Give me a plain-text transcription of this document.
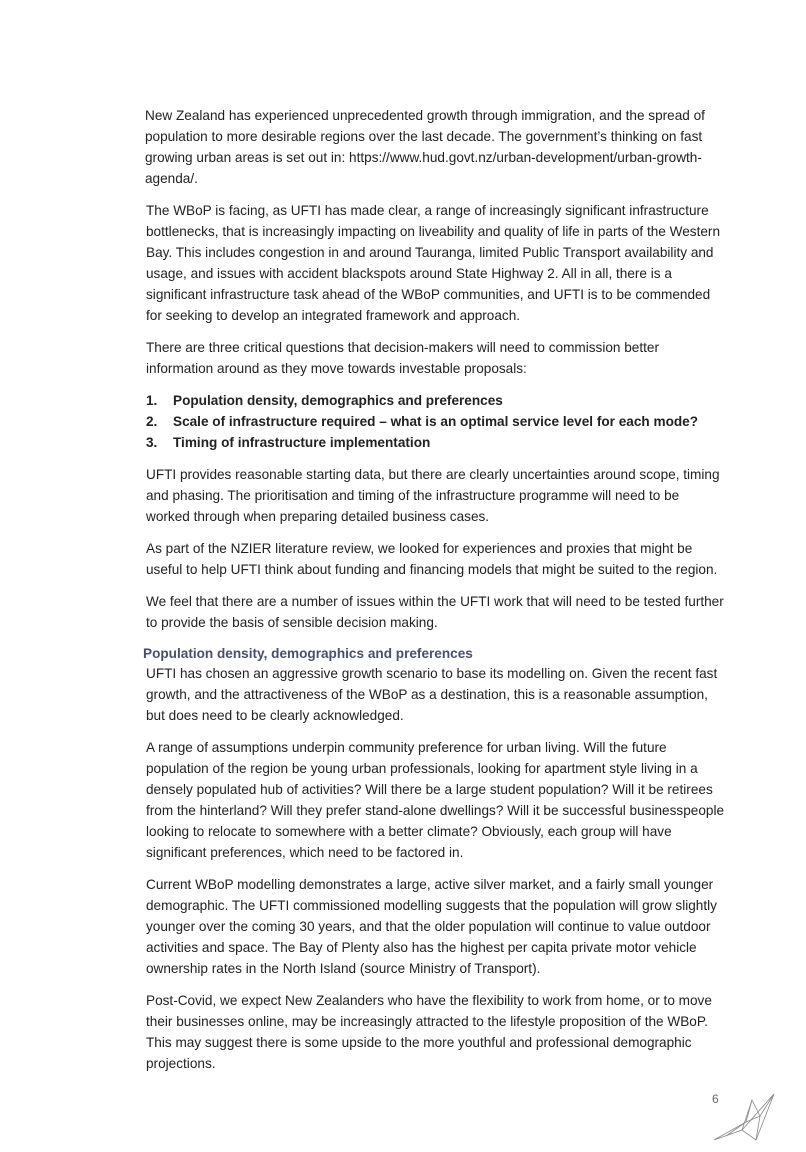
New Zealand has experienced unprecedented growth through immigration, and the spread of population to more desirable regions over the last decade. The government’s thinking on fast growing urban areas is set out in: https://www.hud.govt.nz/urban-development/urban-growth-agenda/.

The WBoP is facing, as UFTI has made clear, a range of increasingly significant infrastructure bottlenecks, that is increasingly impacting on liveability and quality of life in parts of the Western Bay. This includes congestion in and around Tauranga, limited Public Transport availability and usage, and issues with accident blackspots around State Highway 2. All in all, there is a significant infrastructure task ahead of the WBoP communities, and UFTI is to be commended for seeking to develop an integrated framework and approach.

There are three critical questions that decision-makers will need to commission better information around as they move towards investable proposals:

1.	Population density, demographics and preferences
2.	Scale of infrastructure required – what is an optimal service level for each mode?
3.	Timing of infrastructure implementation

UFTI provides reasonable starting data, but there are clearly uncertainties around scope, timing and phasing. The prioritisation and timing of the infrastructure programme will need to be worked through when preparing detailed business cases.

As part of the NZIER literature review, we looked for experiences and proxies that might be useful to help UFTI think about funding and financing models that might be suited to the region.

We feel that there are a number of issues within the UFTI work that will need to be tested further to provide the basis of sensible decision making.

Population density, demographics and preferences

UFTI has chosen an aggressive growth scenario to base its modelling on. Given the recent fast growth, and the attractiveness of the WBoP as a destination, this is a reasonable assumption, but does need to be clearly acknowledged.

A range of assumptions underpin community preference for urban living. Will the future population of the region be young urban professionals, looking for apartment style living in a densely populated hub of activities? Will there be a large student population? Will it be retirees from the hinterland? Will they prefer stand-alone dwellings? Will it be successful businesspeople looking to relocate to somewhere with a better climate? Obviously, each group will have significant preferences, which need to be factored in.

Current WBoP modelling demonstrates a large, active silver market, and a fairly small younger demographic. The UFTI commissioned modelling suggests that the population will grow slightly younger over the coming 30 years, and that the older population will continue to value outdoor activities and space. The Bay of Plenty also has the highest per capita private motor vehicle ownership rates in the North Island (source Ministry of Transport).

Post-Covid, we expect New Zealanders who have the flexibility to work from home, or to move their businesses online, may be increasingly attracted to the lifestyle proposition of the WBoP. This may suggest there is some upside to the more youthful and professional demographic projections.

6
